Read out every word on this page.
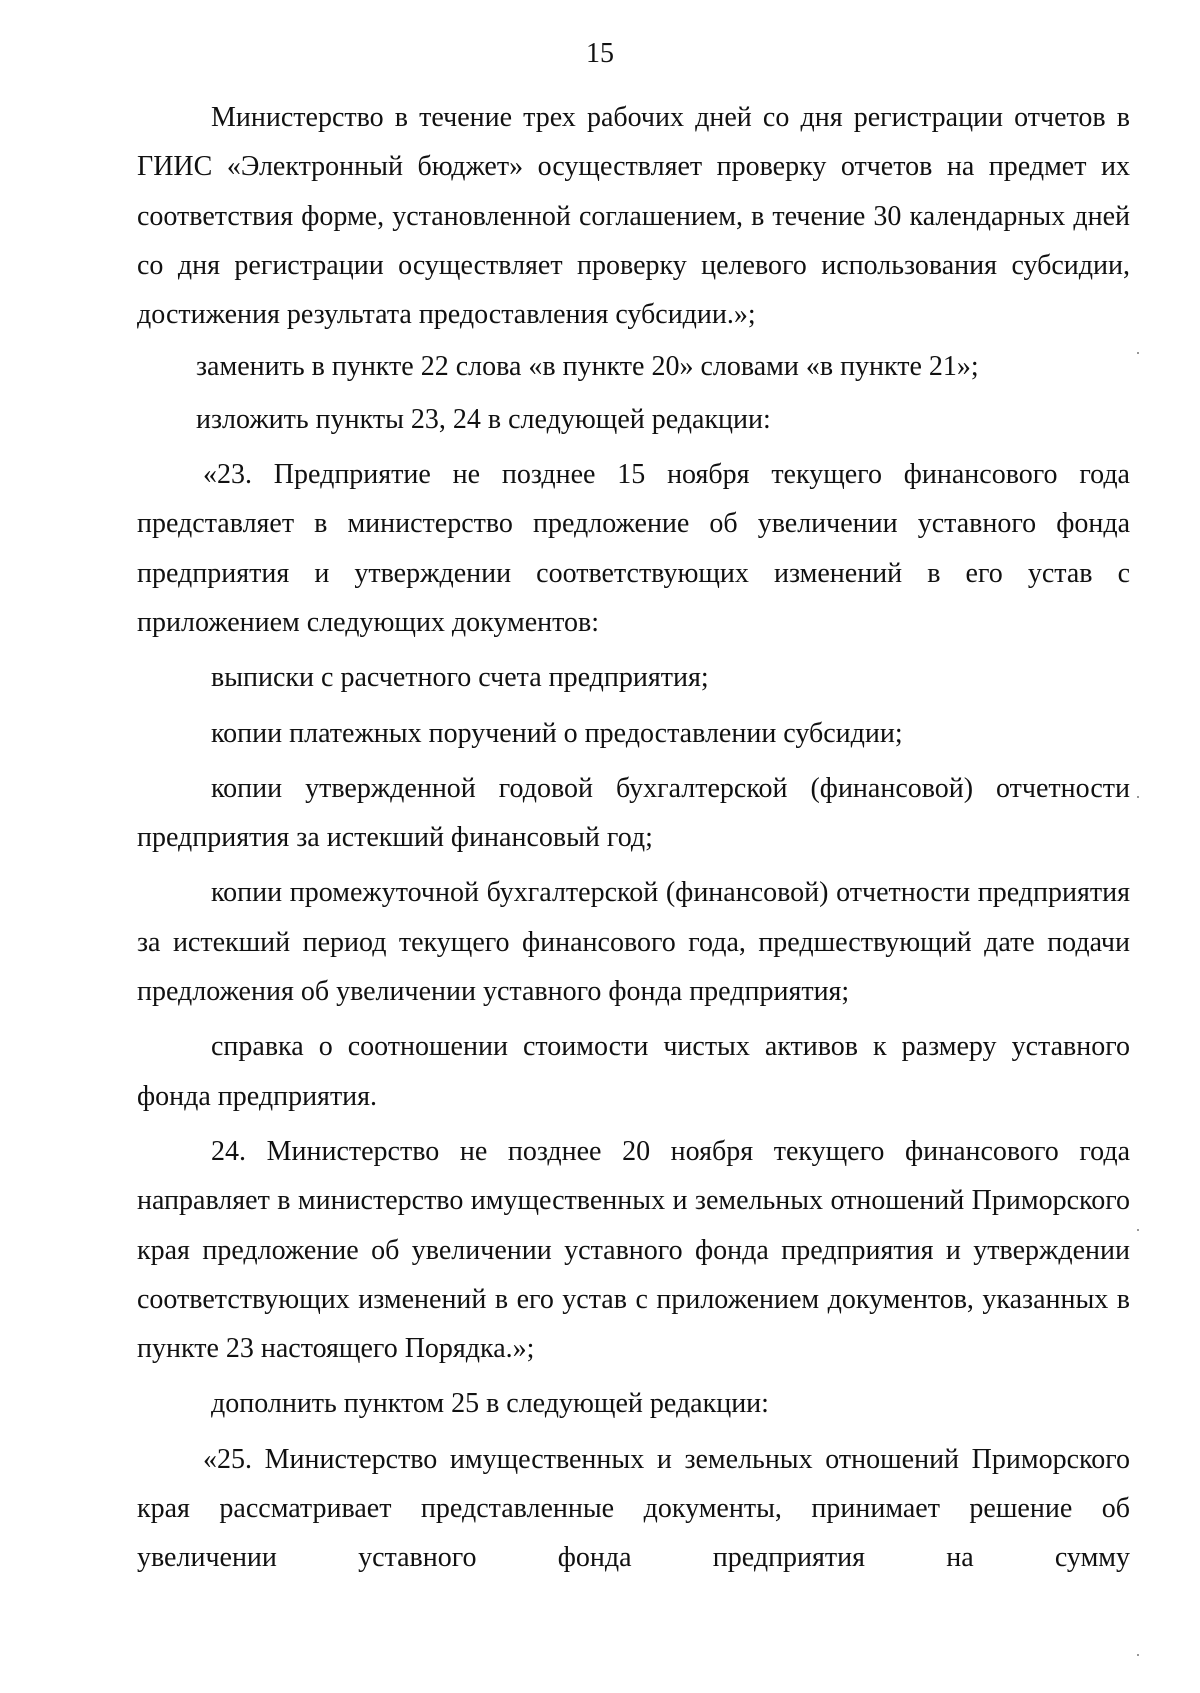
15

Министерство в течение трех рабочих дней со дня регистрации отчетов в ГИИС «Электронный бюджет» осуществляет проверку отчетов на предмет их соответствия форме, установленной соглашением, в течение 30 календарных дней со дня регистрации осуществляет проверку целевого использования субсидии, достижения результата предоставления субсидии.»;

заменить в пункте 22 слова «в пункте 20» словами «в пункте 21»;

изложить пункты 23, 24 в следующей редакции:

«23. Предприятие не позднее 15 ноября текущего финансового года представляет в министерство предложение об увеличении уставного фонда предприятия и утверждении соответствующих изменений в его устав с приложением следующих документов:

выписки с расчетного счета предприятия;

копии платежных поручений о предоставлении субсидии;

копии утвержденной годовой бухгалтерской (финансовой) отчетности предприятия за истекший финансовый год;

копии промежуточной бухгалтерской (финансовой) отчетности предприятия за истекший период текущего финансового года, предшествующий дате подачи предложения об увеличении уставного фонда предприятия;

справка о соотношении стоимости чистых активов к размеру уставного фонда предприятия.

24. Министерство не позднее 20 ноября текущего финансового года направляет в министерство имущественных и земельных отношений Приморского края предложение об увеличении уставного фонда предприятия и утверждении соответствующих изменений в его устав с приложением документов, указанных в пункте 23 настоящего Порядка.»;

дополнить пунктом 25 в следующей редакции:

«25. Министерство имущественных и земельных отношений Приморского края рассматривает представленные документы, принимает решение об увеличении уставного фонда предприятия на сумму
